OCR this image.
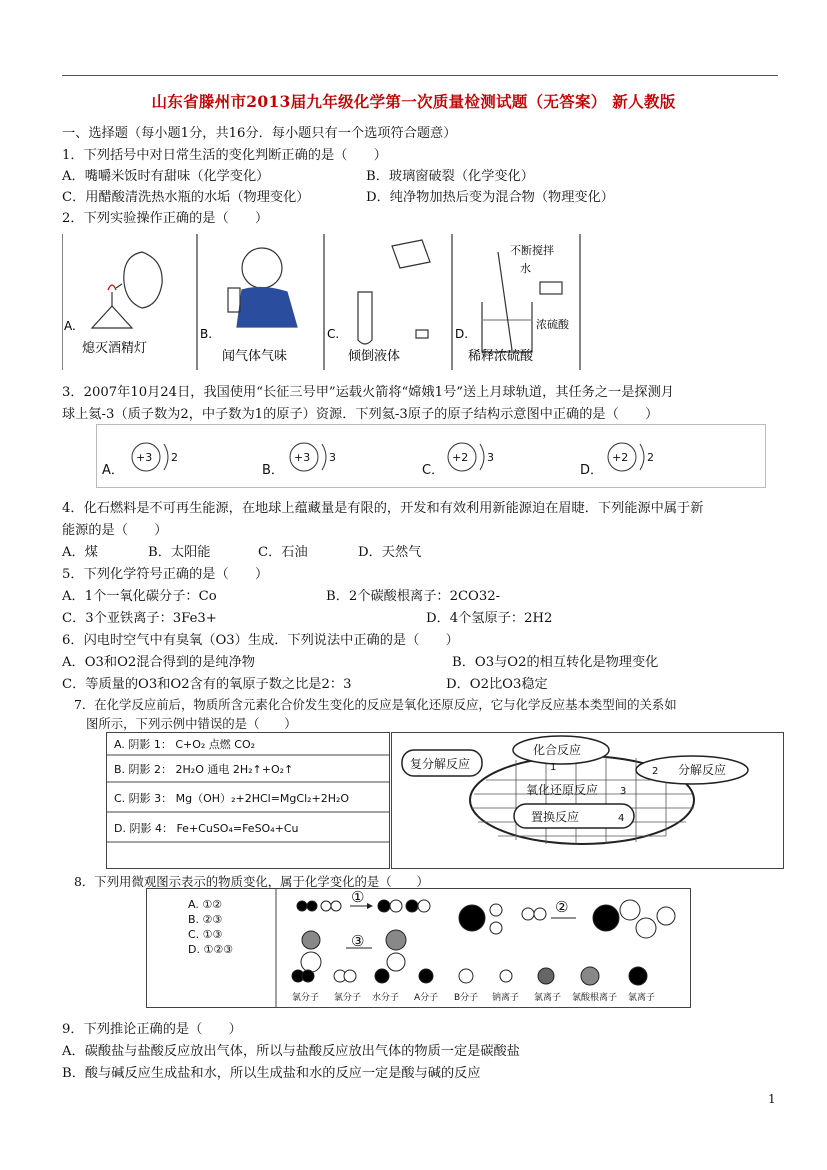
山东省滕州市2013届九年级化学第一次质量检测试题（无答案） 新人教版
一、选择题（每小题1分，共16分．每小题只有一个选项符合题意）
1．下列括号中对日常生活的变化判断正确的是（　　）
A．嘴嚼米饭时有甜味（化学变化）	B．玻璃窗破裂（化学变化）
C．用醋酸清洗热水瓶的水垢（物理变化）	D．纯净物加热后变为混合物（物理变化）
2．下列实验操作正确的是（　　）
A.
熄灭酒精灯
B.
闻气体气味
C.
倾倒液体
D.
稀释浓硫酸
不断搅拌
水
浓硫酸
3．2007年10月24日，我国使用“长征三号甲”运载火箭将“嫦娥1号”送上月球轨道，其任务之一是探测月
球上氦-3（质子数为2，中子数为1的原子）资源．下列氦-3原子的原子结构示意图中正确的是（　　）
A．
+3 2
B．
+3 3
C．
+2 3
D．
+2 2
4．化石燃料是不可再生能源，在地球上蕴藏量是有限的，开发和有效利用新能源迫在眉睫．下列能源中属于新
能源的是（　　）
A．煤	B．太阳能	C．石油	D．天然气
5．下列化学符号正确的是（　　）
A．1个一氧化碳分子：Co	B．2个碳酸根离子：2CO32-
C．3个亚铁离子：3Fe3+	D．4个氢原子：2H2
6．闪电时空气中有臭氧（O3）生成．下列说法中正确的是（　　）
A．O3和O2混合得到的是纯净物	B．O3与O2的相互转化是物理变化
C．等质量的O3和O2含有的氧原子数之比是2：3	D．O2比O3稳定
7．在化学反应前后，物质所含元素化合价发生变化的反应是氧化还原反应，它与化学反应基本类型间的关系如
图所示，下列示例中错误的是（　　）
A. 阴影 1： C+O₂ 点燃 CO₂
B. 阴影 2： 2H₂O 通电 2H₂↑+O₂↑
C. 阴影 3： Mg（OH）₂+2HCl=MgCl₂+2H₂O
D. 阴影 4： Fe+CuSO₄=FeSO₄+Cu
复分解反应
化合反应
分解反应
氧化还原反应
置换反应
1	2
3
4
8．下列用微观图示表示的物质变化，属于化学变化的是（　　）
A. ①②
B. ②③
C. ①③
D. ①②③
①
②
③
氯分子 氯分子 水分子 A分子 B分子 钠离子 氯离子 氯酸根离子 氯离子
9．下列推论正确的是（　　）
A．碳酸盐与盐酸反应放出气体，所以与盐酸反应放出气体的物质一定是碳酸盐
B．酸与碱反应生成盐和水，所以生成盐和水的反应一定是酸与碱的反应
1
